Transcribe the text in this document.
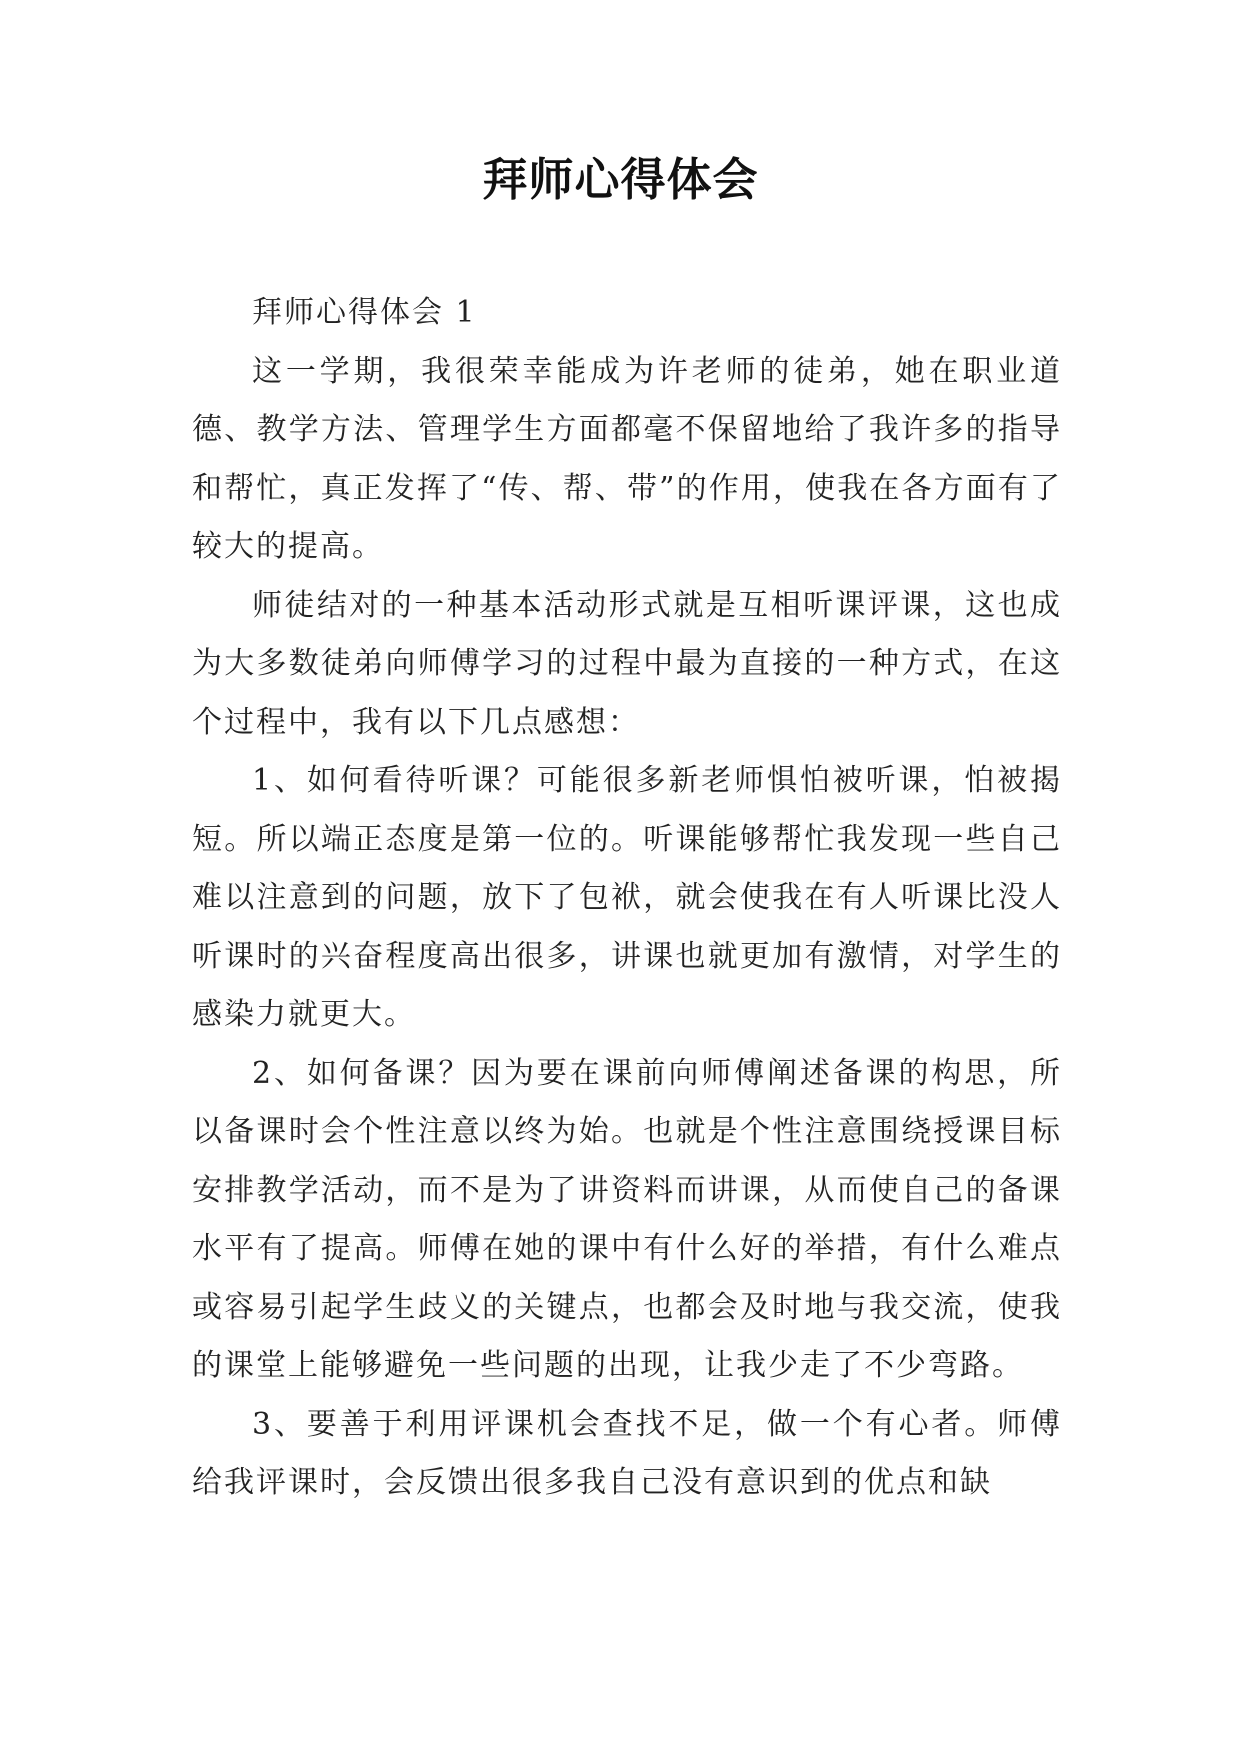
拜师心得体会

拜师心得体会 1

这一学期，我很荣幸能成为许老师的徒弟，她在职业道德、教学方法、管理学生方面都毫不保留地给了我许多的指导和帮忙，真正发挥了“传、帮、带”的作用，使我在各方面有了较大的提高。

师徒结对的一种基本活动形式就是互相听课评课，这也成为大多数徒弟向师傅学习的过程中最为直接的一种方式，在这个过程中，我有以下几点感想：

1、如何看待听课？可能很多新老师惧怕被听课，怕被揭短。所以端正态度是第一位的。听课能够帮忙我发现一些自己难以注意到的问题，放下了包袱，就会使我在有人听课比没人听课时的兴奋程度高出很多，讲课也就更加有激情，对学生的感染力就更大。

2、如何备课？因为要在课前向师傅阐述备课的构思，所以备课时会个性注意以终为始。也就是个性注意围绕授课目标安排教学活动，而不是为了讲资料而讲课，从而使自己的备课水平有了提高。师傅在她的课中有什么好的举措，有什么难点或容易引起学生歧义的关键点，也都会及时地与我交流，使我的课堂上能够避免一些问题的出现，让我少走了不少弯路。

3、要善于利用评课机会查找不足，做一个有心者。师傅给我评课时，会反馈出很多我自己没有意识到的优点和缺
